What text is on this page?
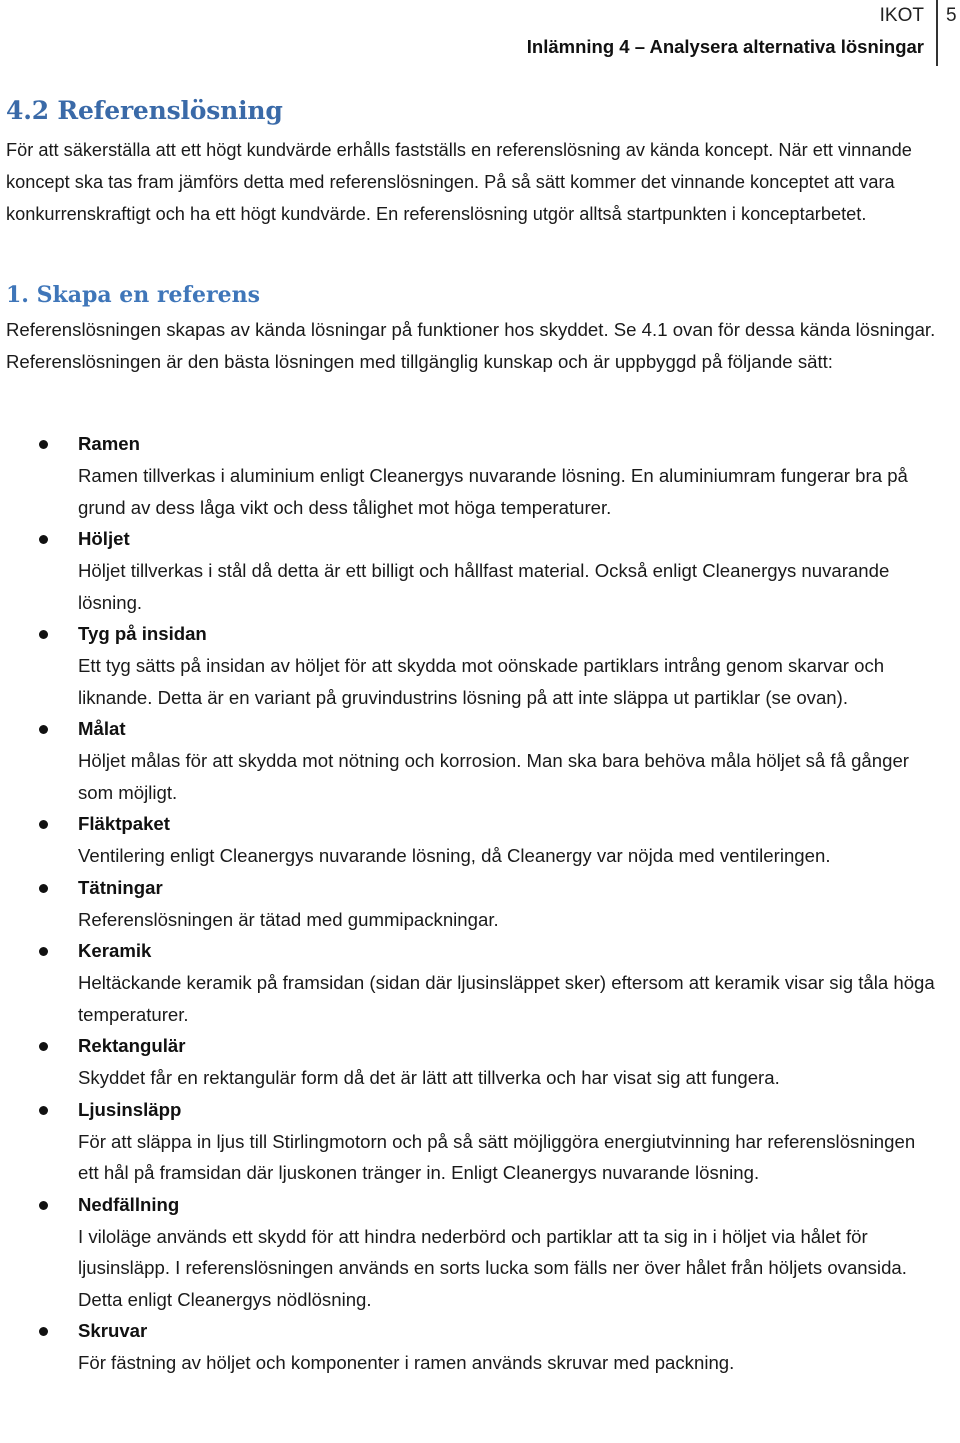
IKOT
Inlämning 4 – Analysera alternativa lösningar
5
4.2 Referenslösning

För att säkerställa att ett högt kundvärde erhålls fastställs en referenslösning av kända koncept. När ett vinnande koncept ska tas fram jämförs detta med referenslösningen. På så sätt kommer det vinnande konceptet att vara konkurrenskraftigt och ha ett högt kundvärde. En referenslösning utgör alltså startpunkten i konceptarbetet.

1. Skapa en referens

Referenslösningen skapas av kända lösningar på funktioner hos skyddet. Se 4.1 ovan för dessa kända lösningar. Referenslösningen är den bästa lösningen med tillgänglig kunskap och är uppbyggd på följande sätt:

Ramen
Ramen tillverkas i aluminium enligt Cleanergys nuvarande lösning. En aluminiumram fungerar bra på grund av dess låga vikt och dess tålighet mot höga temperaturer.
Höljet
Höljet tillverkas i stål då detta är ett billigt och hållfast material. Också enligt Cleanergys nuvarande lösning.
Tyg på insidan
Ett tyg sätts på insidan av höljet för att skydda mot oönskade partiklars intrång genom skarvar och liknande. Detta är en variant på gruvindustrins lösning på att inte släppa ut partiklar (se ovan).
Målat
Höljet målas för att skydda mot nötning och korrosion. Man ska bara behöva måla höljet så få gånger som möjligt.
Fläktpaket
Ventilering enligt Cleanergys nuvarande lösning, då Cleanergy var nöjda med ventileringen.
Tätningar
Referenslösningen är tätad med gummipackningar.
Keramik
Heltäckande keramik på framsidan (sidan där ljusinsläppet sker) eftersom att keramik visar sig tåla höga temperaturer.
Rektangulär
Skyddet får en rektangulär form då det är lätt att tillverka och har visat sig att fungera.
Ljusinsläpp
För att släppa in ljus till Stirlingmotorn och på så sätt möjliggöra energiutvinning har referenslösningen ett hål på framsidan där ljuskonen tränger in. Enligt Cleanergys nuvarande lösning.
Nedfällning
I viloläge används ett skydd för att hindra nederbörd och partiklar att ta sig in i höljet via hålet för ljusinsläpp. I referenslösningen används en sorts lucka som fälls ner över hålet från höljets ovansida. Detta enligt Cleanergys nödlösning.
Skruvar
För fästning av höljet och komponenter i ramen används skruvar med packning.
